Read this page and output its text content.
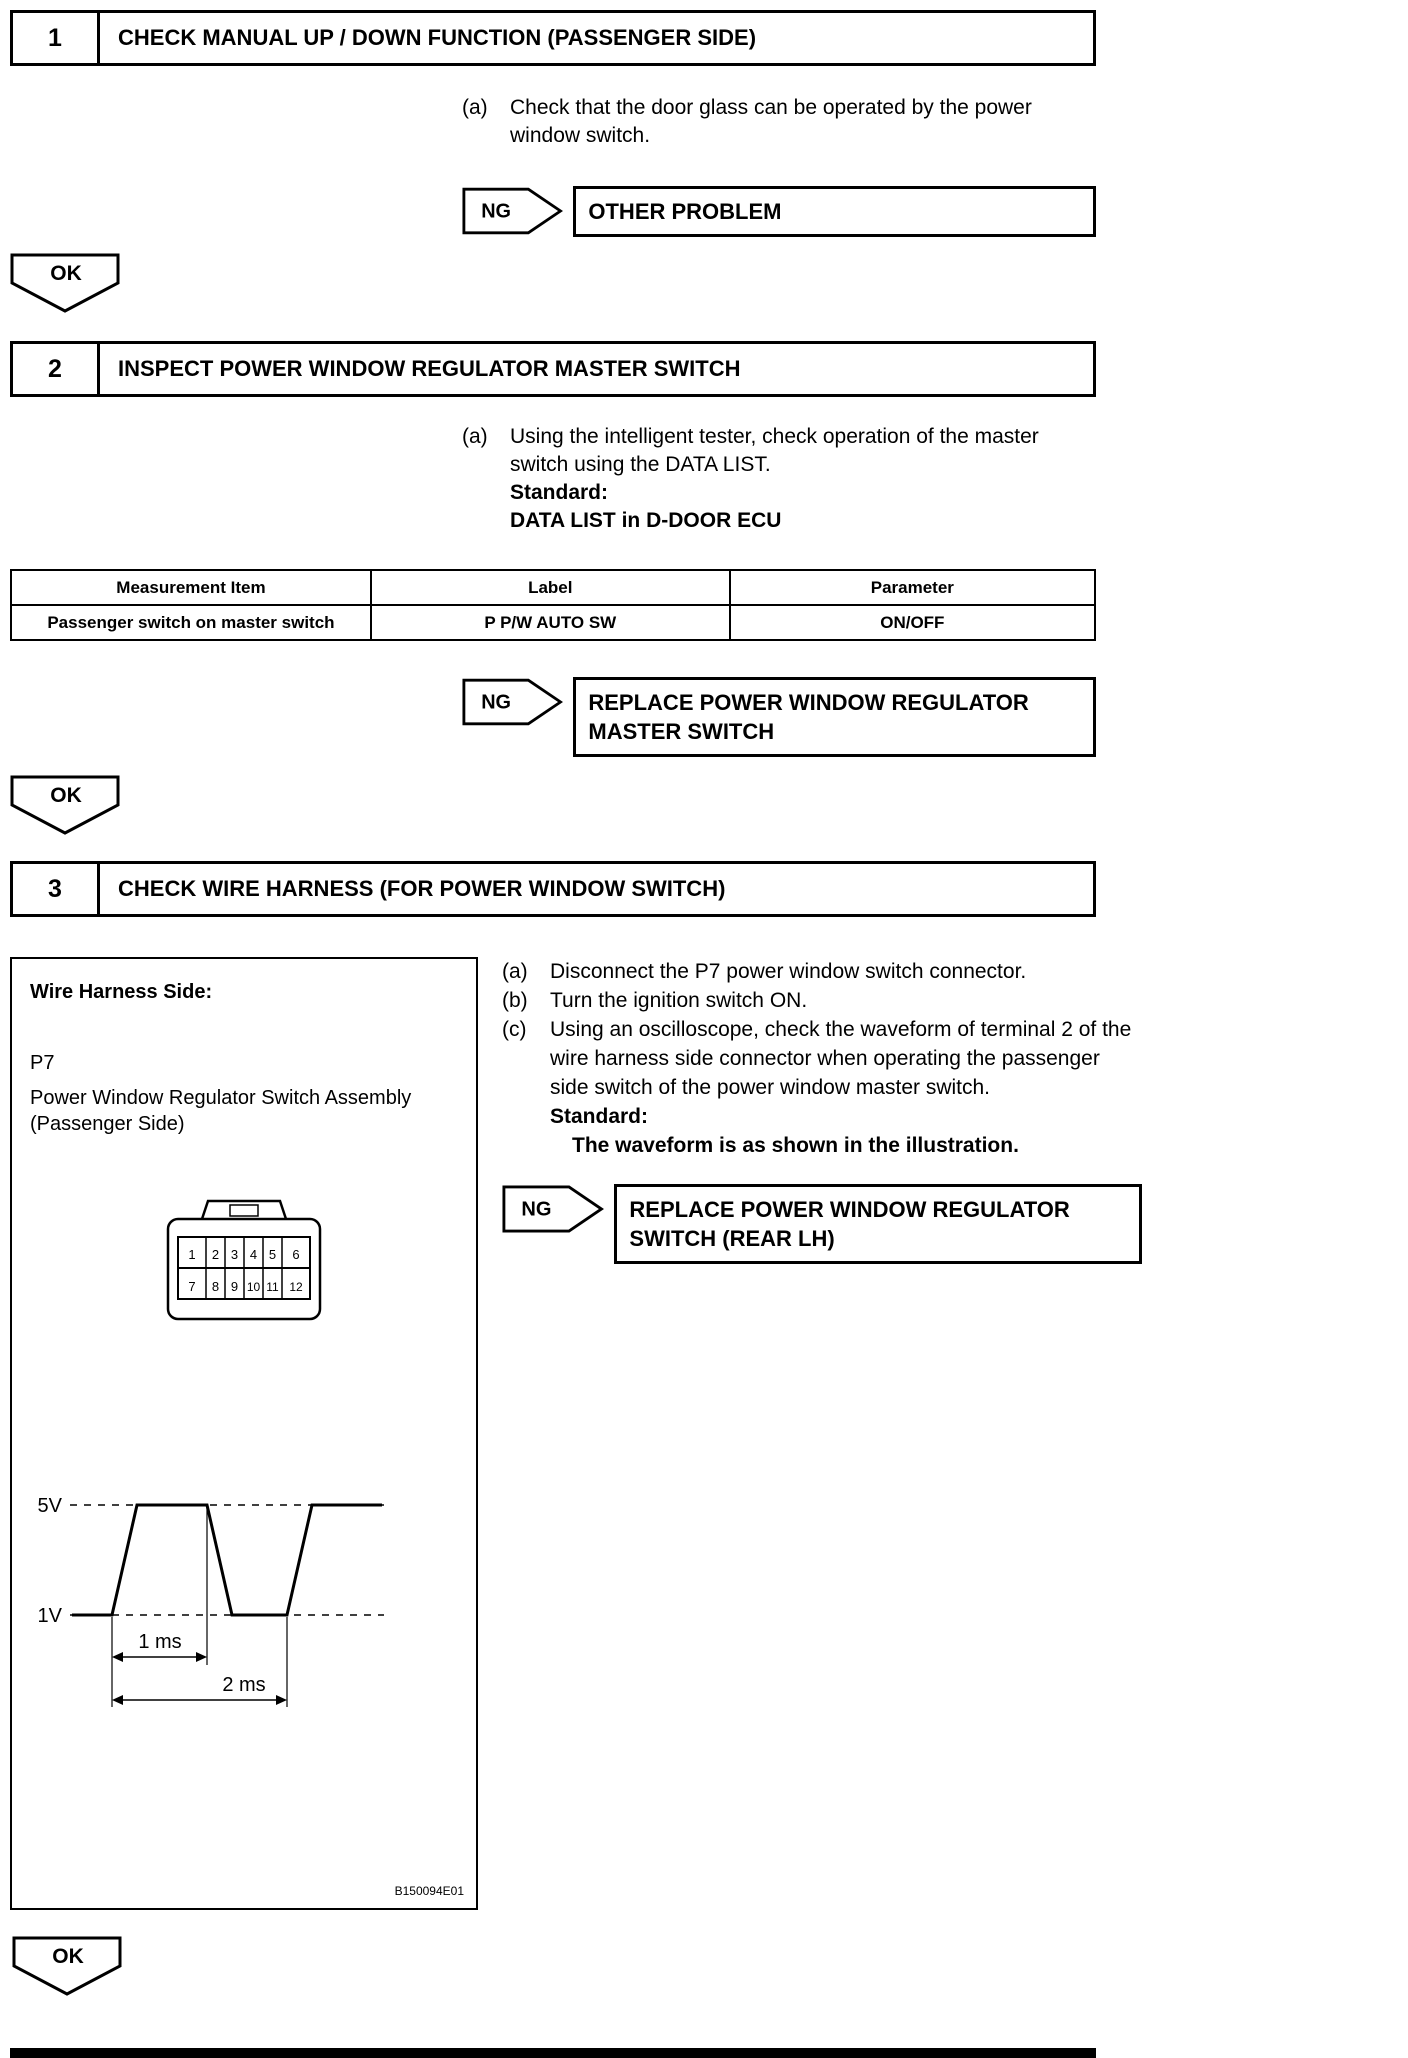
1	CHECK MANUAL UP / DOWN FUNCTION (PASSENGER SIDE)
(a)	Check that the door glass can be operated by the power window switch.
NG	OTHER PROBLEM
OK
2	INSPECT POWER WINDOW REGULATOR MASTER SWITCH
(a)	Using the intelligent tester, check operation of the master switch using the DATA LIST.
Standard:
DATA LIST in D-DOOR ECU
Measurement Item	Label	Parameter
Passenger switch on master switch	P P/W AUTO SW	ON/OFF
NG	REPLACE POWER WINDOW REGULATOR MASTER SWITCH
OK
3	CHECK WIRE HARNESS (FOR POWER WINDOW SWITCH)
Wire Harness Side:
P7
Power Window Regulator Switch Assembly (Passenger Side)
1 2 3 4 5 6
7 8 9 10 11 12
5V
1V
1 ms
2 ms
B150094E01
(a)	Disconnect the P7 power window switch connector.
(b)	Turn the ignition switch ON.
(c)	Using an oscilloscope, check the waveform of terminal 2 of the wire harness side connector when operating the passenger side switch of the power window master switch.
Standard:
The waveform is as shown in the illustration.
NG	REPLACE POWER WINDOW REGULATOR SWITCH (REAR LH)
OK
